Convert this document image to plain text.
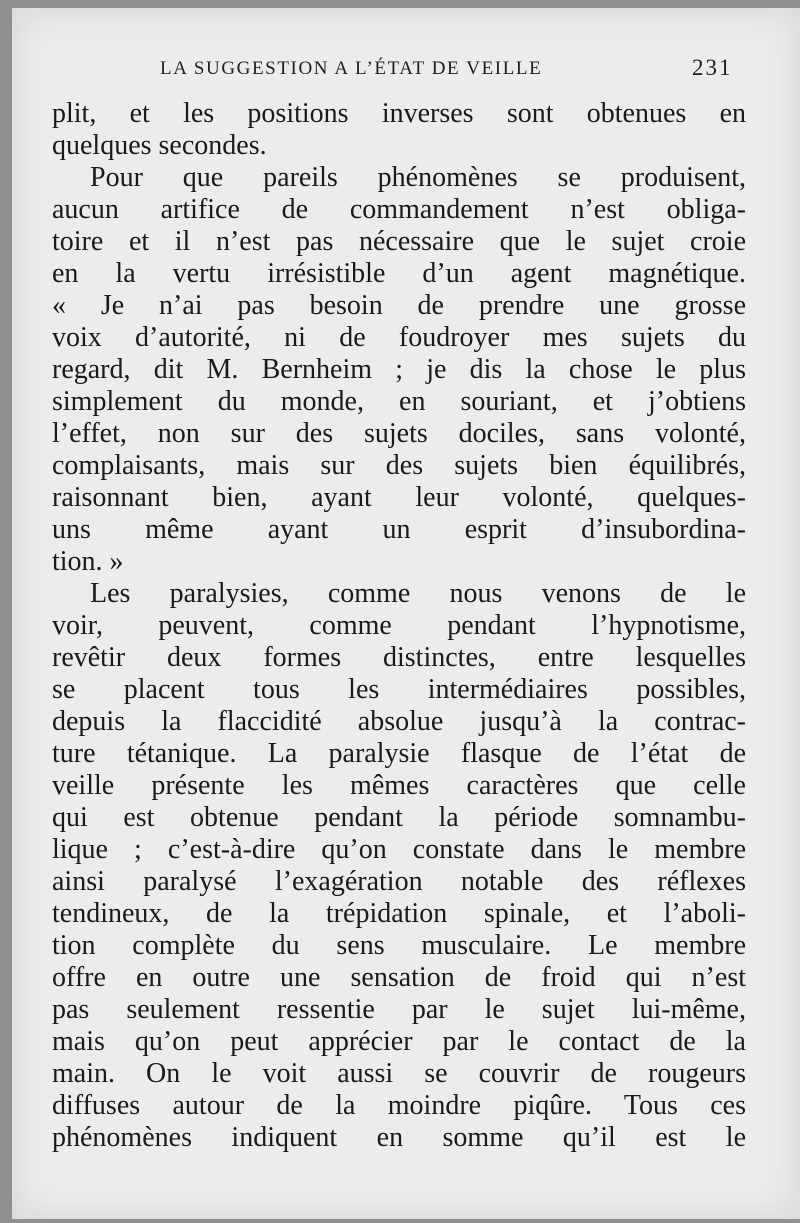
LA SUGGESTION A L’ÉTAT DE VEILLE	231
plit, et les positions inverses sont obtenues en
quelques secondes.
Pour que pareils phénomènes se produisent,
aucun artifice de commandement n’est obliga-
toire et il n’est pas nécessaire que le sujet croie
en la vertu irrésistible d’un agent magnétique.
« Je n’ai pas besoin de prendre une grosse
voix d’autorité, ni de foudroyer mes sujets du
regard, dit M. Bernheim ; je dis la chose le plus
simplement du monde, en souriant, et j’obtiens
l’effet, non sur des sujets dociles, sans volonté,
complaisants, mais sur des sujets bien équilibrés,
raisonnant bien, ayant leur volonté, quelques-
uns même ayant un esprit d’insubordina-
tion. »
Les paralysies, comme nous venons de le
voir, peuvent, comme pendant l’hypnotisme,
revêtir deux formes distinctes, entre lesquelles
se placent tous les intermédiaires possibles,
depuis la flaccidité absolue jusqu’à la contrac-
ture tétanique. La paralysie flasque de l’état de
veille présente les mêmes caractères que celle
qui est obtenue pendant la période somnambu-
lique ; c’est-à-dire qu’on constate dans le membre
ainsi paralysé l’exagération notable des réflexes
tendineux, de la trépidation spinale, et l’aboli-
tion complète du sens musculaire. Le membre
offre en outre une sensation de froid qui n’est
pas seulement ressentie par le sujet lui-même,
mais qu’on peut apprécier par le contact de la
main. On le voit aussi se couvrir de rougeurs
diffuses autour de la moindre piqûre. Tous ces
phénomènes indiquent en somme qu’il est le
